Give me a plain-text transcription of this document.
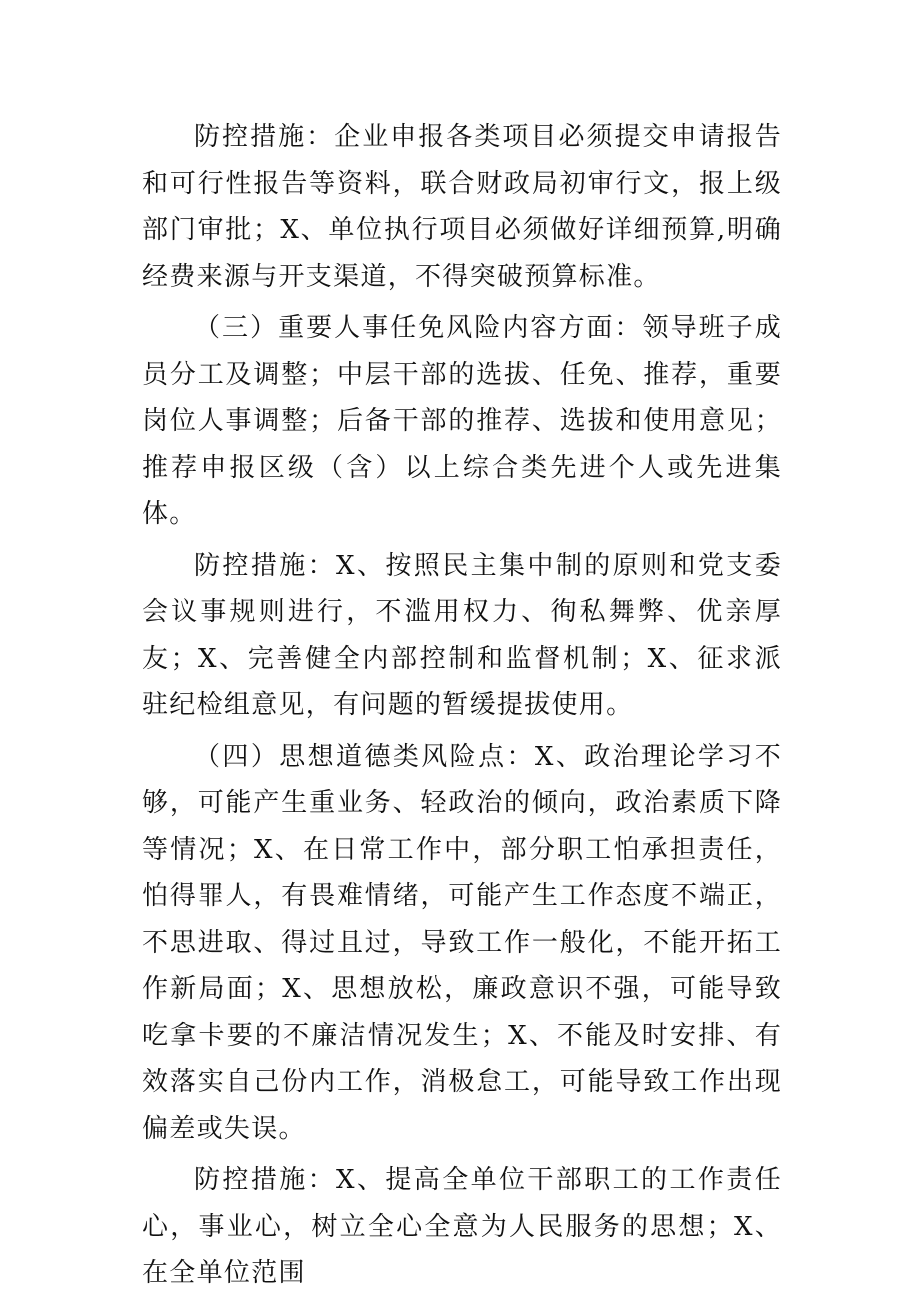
防控措施：企业申报各类项目必须提交申请报告和可行性报告等资料，联合财政局初审行文，报上级部门审批；X、单位执行项目必须做好详细预算,明确经费来源与开支渠道，不得突破预算标准。

（三）重要人事任免风险内容方面：领导班子成员分工及调整；中层干部的选拔、任免、推荐，重要岗位人事调整；后备干部的推荐、选拔和使用意见；推荐申报区级（含）以上综合类先进个人或先进集体。

防控措施：X、按照民主集中制的原则和党支委会议事规则进行，不滥用权力、徇私舞弊、优亲厚友；X、完善健全内部控制和监督机制；X、征求派驻纪检组意见，有问题的暂缓提拔使用。

（四）思想道德类风险点：X、政治理论学习不够，可能产生重业务、轻政治的倾向，政治素质下降等情况；X、在日常工作中，部分职工怕承担责任，怕得罪人，有畏难情绪，可能产生工作态度不端正，不思进取、得过且过，导致工作一般化，不能开拓工作新局面；X、思想放松，廉政意识不强，可能导致吃拿卡要的不廉洁情况发生；X、不能及时安排、有效落实自己份内工作，消极怠工，可能导致工作出现偏差或失误。

防控措施：X、提高全单位干部职工的工作责任心，事业心，树立全心全意为人民服务的思想；X、在全单位范围
